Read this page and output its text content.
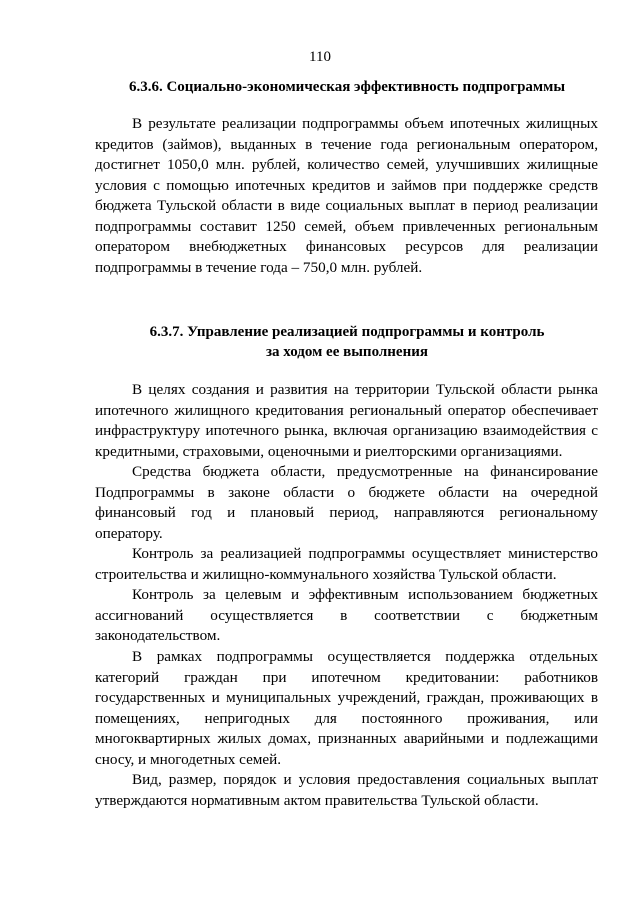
110
6.3.6. Социально-экономическая эффективность подпрограммы
В результате реализации подпрограммы объем ипотечных жилищных
кредитов (займов), выданных в течение года региональным оператором,
достигнет 1050,0 млн. рублей, количество семей, улучшивших жилищные
условия с помощью ипотечных кредитов и займов при поддержке средств
бюджета Тульской области в виде социальных выплат в период реализации
подпрограммы составит 1250 семей, объем привлеченных региональным
оператором внебюджетных финансовых ресурсов для реализации
подпрограммы в течение года – 750,0 млн. рублей.
6.3.7. Управление реализацией подпрограммы и контроль
за ходом ее выполнения
В целях создания и развития на территории Тульской области рынка
ипотечного жилищного кредитования региональный оператор обеспечивает
инфраструктуру ипотечного рынка, включая организацию взаимодействия с
кредитными, страховыми, оценочными и риелторскими организациями.
Средства бюджета области, предусмотренные на финансирование
Подпрограммы в законе области о бюджете области на очередной
финансовый год и плановый период, направляются региональному
оператору.
Контроль за реализацией подпрограммы осуществляет министерство
строительства и жилищно-коммунального хозяйства Тульской области.
Контроль за целевым и эффективным использованием бюджетных
ассигнований осуществляется в соответствии с бюджетным
законодательством.
В рамках подпрограммы осуществляется поддержка отдельных
категорий граждан при ипотечном кредитовании: работников
государственных и муниципальных учреждений, граждан, проживающих в
помещениях, непригодных для постоянного проживания, или
многоквартирных жилых домах, признанных аварийными и подлежащими
сносу, и многодетных семей.
Вид, размер, порядок и условия предоставления социальных выплат
утверждаются нормативным актом правительства Тульской области.
